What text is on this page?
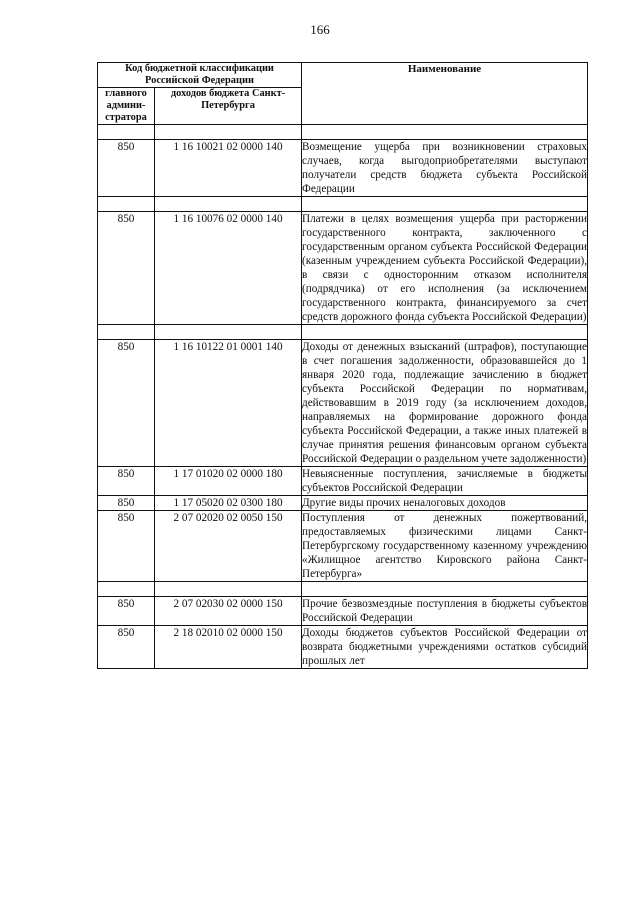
166
Код бюджетной классификации Российской Федерации		Наименование
главного админи-стратора	доходов бюджета Санкт-Петербурга	

850	1 16 10021 02 0000 140	Возмещение ущерба при возникновении страховых случаев, когда выгодоприобретателями выступают получатели средств бюджета субъекта Российской Федерации

850	1 16 10076 02 0000 140	Платежи в целях возмещения ущерба при расторжении государственного контракта, заключенного с государственным органом субъекта Российской Федерации (казенным учреждением субъекта Российской Федерации), в связи с односторонним отказом исполнителя (подрядчика) от его исполнения (за исключением государственного контракта, финансируемого за счет средств дорожного фонда субъекта Российской Федерации)

850	1 16 10122 01 0001 140	Доходы от денежных взысканий (штрафов), поступающие в счет погашения задолженности, образовавшейся до 1 января 2020 года, подлежащие зачислению в бюджет субъекта Российской Федерации по нормативам, действовавшим в 2019 году (за исключением доходов, направляемых на формирование дорожного фонда субъекта Российской Федерации, а также иных платежей в случае принятия решения финансовым органом субъекта Российской Федерации о раздельном учете задолженности)
850	1 17 01020 02 0000 180	Невыясненные поступления, зачисляемые в бюджеты субъектов Российской Федерации
850	1 17 05020 02 0300 180	Другие виды прочих неналоговых доходов
850	2 07 02020 02 0050 150	Поступления от денежных пожертвований, предоставляемых физическими лицами Санкт-Петербургскому государственному казенному учреждению «Жилищное агентство Кировского района Санкт-Петербурга»

850	2 07 02030 02 0000 150	Прочие безвозмездные поступления в бюджеты субъектов Российской Федерации
850	2 18 02010 02 0000 150	Доходы бюджетов субъектов Российской Федерации от возврата бюджетными учреждениями остатков субсидий прошлых лет
